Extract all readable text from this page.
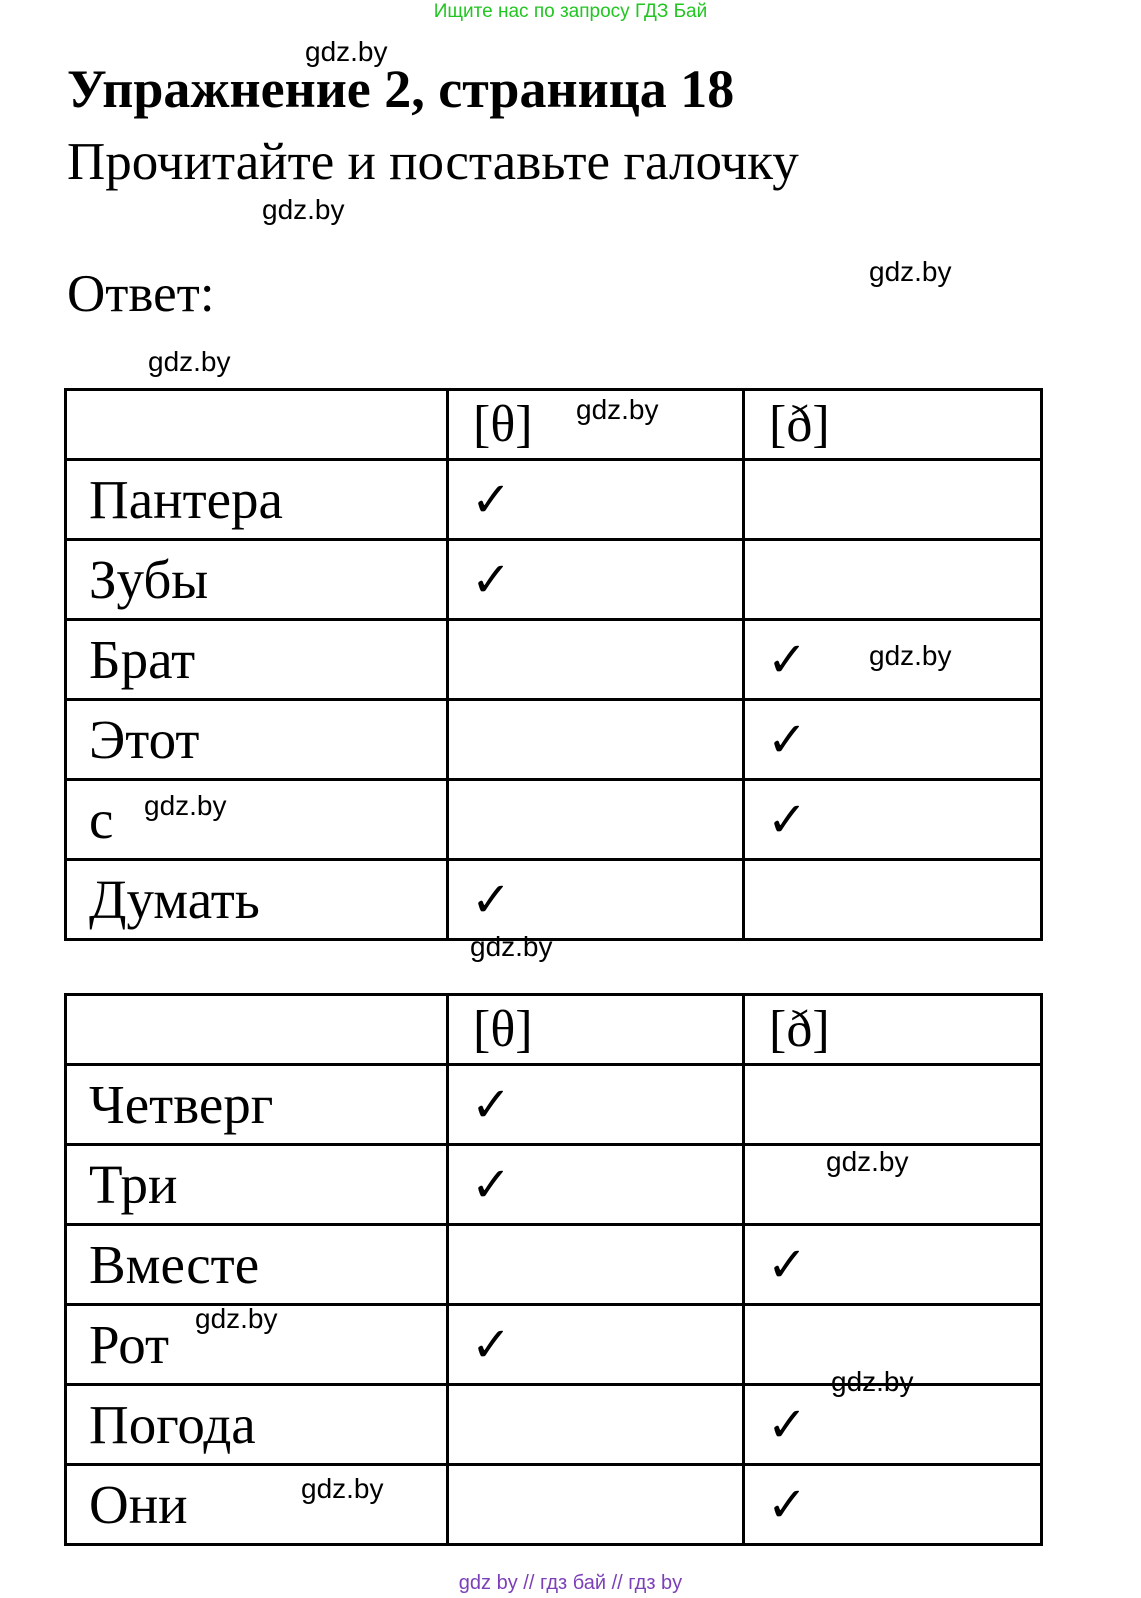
Ищите нас по запросу ГДЗ Бай
gdz.by
Упражнение 2, страница 18
Прочитайте и поставьте галочку
gdz.by
Ответ:	gdz.by
gdz.by

	[θ]	[ð]

Пантера	✓	

Зубы	✓	

Брат		✓

Этот		✓

с		✓

Думать	✓	

gdz.by
gdz.by
gdz.by
gdz.by

	[θ]	[ð]

Четверг	✓	

Три	✓	

Вместе		✓

Рот	✓	

Погода		✓

Они		✓
gdz.by
gdz.by
gdz.by
gdz.by
gdz by // гдз бай // гдз by
